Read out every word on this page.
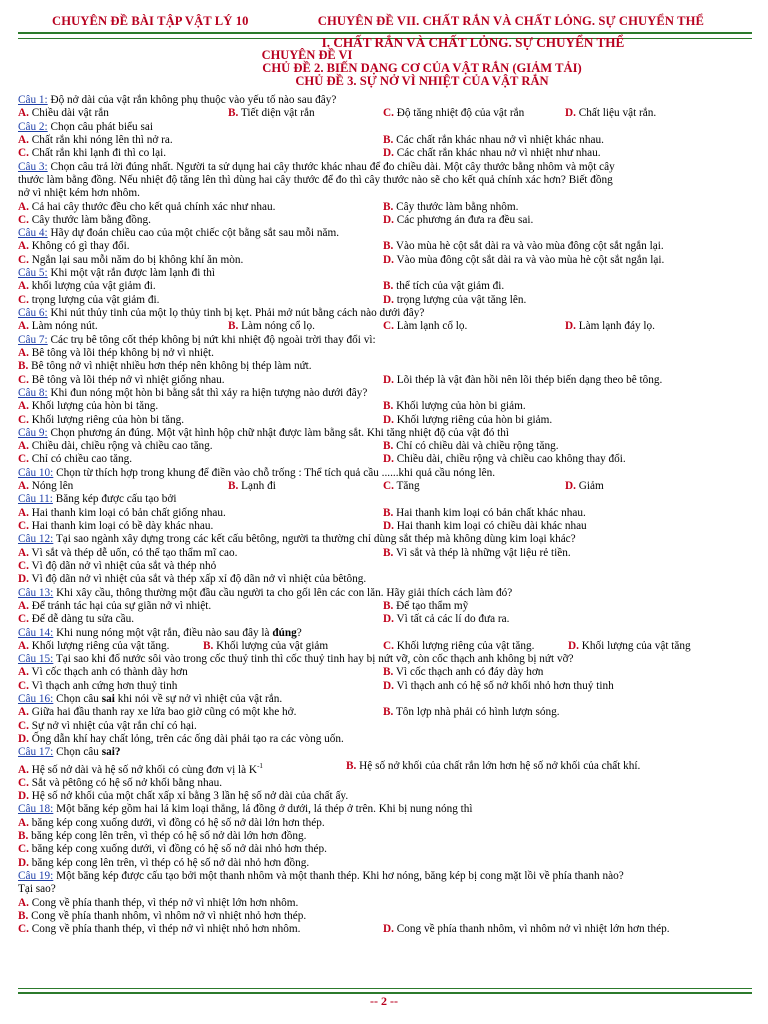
CHUYÊN ĐỀ BÀI TẬP VẬT LÝ 10	CHUYÊN ĐỀ VII. CHẤT RẮN VÀ CHẤT LỎNG. SỰ CHUYỂN THỂ
I. CHẤT RẮN VÀ CHẤT LỎNG. SỰ CHUYỂN THỂ
CHUYÊN ĐỀ VI
CHỦ ĐỀ 2. BIẾN DẠNG CƠ CỦA VẬT RẮN (GIẢM TẢI)
CHỦ ĐỀ 3. SỰ NỞ VÌ NHIỆT CỦA VẬT RẮN
Câu 1: Độ nở dài của vật rắn không phụ thuộc vào yếu tố nào sau đây?
A. Chiều dài vật rắn	B. Tiết diện vật rắn	C. Độ tăng nhiệt độ của vật rắn	D. Chất liệu vật rắn.
Câu 2: Chọn câu phát biểu sai
A. Chất rắn khi nóng lên thì nở ra.	B. Các chất rắn khác nhau nở vì nhiệt khác nhau.
C. Chất rắn khi lạnh đi thì co lại.	D. Các chất rắn khác nhau nở vì nhiệt như nhau.
Câu 3: Chọn câu trả lời đúng nhất. Người ta sử dụng hai cây thước khác nhau để đo chiều dài. Một cây thước bằng nhôm và một cây
thước làm bằng đồng. Nếu nhiệt độ tăng lên thì dùng hai cây thước để đo thì cây thước nào sẽ cho kết quả chính xác hơn? Biết đồng
nở vì nhiệt kém hơn nhôm.
A. Cả hai cây thước đều cho kết quả chính xác như nhau.	B. Cây thước làm bằng nhôm.
C. Cây thước làm bằng đồng.	D. Các phương án đưa ra đều sai.
Câu 4: Hãy dự đoán chiều cao của một chiếc cột bằng sắt sau mỗi năm.
A. Không có gì thay đổi.	B. Vào mùa hè cột sắt dài ra và vào mùa đông cột sắt ngắn lại.
C. Ngắn lại sau mỗi năm do bị không khí ăn mòn.	D. Vào mùa đông cột sắt dài ra và vào mùa hè cột sắt ngắn lại.
Câu 5: Khi một vật rắn được làm lạnh đi thì
A. khối lượng của vật giảm đi.	B. thể tích của vật giảm đi.
C. trọng lượng của vật giảm đi.	D. trọng lượng của vật tăng lên.
Câu 6: Khi nút thủy tinh của một lọ thủy tinh bị kẹt. Phải mở nút bằng cách nào dưới đây?
A. Làm nóng nút.	B. Làm nóng cổ lọ.	C. Làm lạnh cổ lọ.	D. Làm lạnh đáy lọ.
Câu 7: Các trụ bê tông cốt thép không bị nứt khi nhiệt độ ngoài trời thay đổi vì:
A. Bê tông và lõi thép không bị nở vì nhiệt.
B. Bê tông nở vì nhiệt nhiều hơn thép nên không bị thép làm nứt.
C. Bê tông và lõi thép nở vì nhiệt giống nhau.	D. Lõi thép là vật đàn hồi nên lõi thép biến dạng theo bê tông.
Câu 8: Khi đun nóng một hòn bi bằng sắt thì xảy ra hiện tượng nào dưới đây?
A. Khối lượng của hòn bi tăng.	B. Khối lượng của hòn bi giảm.
C. Khối lượng riêng của hòn bi tăng.	D. Khối lượng riêng của hòn bi giảm.
Câu 9: Chọn phương án đúng. Một vật hình hộp chữ nhật được làm bằng sắt. Khi tăng nhiệt độ của vật đó thì
A. Chiều dài, chiều rộng và chiều cao tăng.	B. Chỉ có chiều dài và chiều rộng tăng.
C. Chỉ có chiều cao tăng.	D. Chiều dài, chiều rộng và chiều cao không thay đổi.
Câu 10: Chọn từ thích hợp trong khung để điền vào chỗ trống : Thể tích quả cầu ......khi quả cầu nóng lên.
A. Nóng lên	B. Lạnh đi	C. Tăng	D. Giảm
Câu 11: Băng kép được cấu tạo bởi
A. Hai thanh kim loại có bản chất giống nhau.	B. Hai thanh kim loại có bản chất khác nhau.
C. Hai thanh kim loại có bề dày khác nhau.	D. Hai thanh kim loại có chiều dài khác nhau
Câu 12: Tại sao ngành xây dựng trong các kết cấu bêtông, người ta thường chỉ dùng sắt thép mà không dùng kim loại khác?
A. Vì sắt và thép dễ uốn, có thể tạo thẩm mĩ cao.	B. Vì sắt và thép là những vật liệu rẻ tiền.
C. Vì độ dãn nở vì nhiệt của sắt và thép nhỏ
D. Vì độ dãn nở vì nhiệt của sắt và thép xấp xỉ độ dãn nở vì nhiệt của bêtông.
Câu 13: Khi xây cầu, thông thường một đầu cầu người ta cho gối lên các con lăn. Hãy giải thích cách làm đó?
A. Để tránh tác hại của sự giãn nở vì nhiệt.	B. Để tạo thẩm mỹ
C. Để dễ dàng tu sửa cầu.	D. Vì tất cả các lí do đưa ra.
Câu 14: Khi nung nóng một vật rắn, điều nào sau đây là đúng?
A. Khối lượng riêng của vật tăng.	B. Khối lượng của vật giảm	C. Khối lượng riêng của vật tăng.	D. Khối lượng của vật tăng
Câu 15: Tại sao khi đổ nước sôi vào trong cốc thuỷ tinh thì cốc thuỷ tinh hay bị nứt vỡ, còn cốc thạch anh không bị nứt vỡ?
A. Vì cốc thạch anh có thành dày hơn	B. Vì cốc thạch anh có đáy dày hơn
C. Vì thạch anh cứng hơn thuỷ tinh	D. Vì thạch anh có hệ số nở khối nhỏ hơn thuỷ tinh
Câu 16: Chọn câu sai khi nói về sự nở vì nhiệt của vật rắn.
A. Giữa hai đầu thanh ray xe lửa bao giờ cũng có một khe hở.	B. Tôn lợp nhà phải có hình lượn sóng.
C. Sự nở vì nhiệt của vật rắn chỉ có hại.
D. Ống dẫn khí hay chất lỏng, trên các ống dài phải tạo ra các vòng uốn.
Câu 17: Chọn câu sai?
A. Hệ số nở dài và hệ số nở khối có cùng đơn vị là $K^{-1}$	B. Hệ số nở khối của chất rắn lớn hơn hệ số nở khối của chất khí.
C. Sắt và pêtông có hệ số nở khối bằng nhau.
D. Hệ số nở khối của một chất xấp xỉ bằng 3 lần hệ số nở dài của chất ấy.
Câu 18: Một băng kép gồm hai lá kim loại thẳng, lá đồng ở dưới, lá thép ở trên. Khi bị nung nóng thì
A. băng kép cong xuống dưới, vì đồng có hệ số nở dài lớn hơn thép.
B. băng kép cong lên trên, vì thép có hệ số nở dài lớn hơn đồng.
C. băng kép cong xuống dưới, vì đồng có hệ số nở dài nhỏ hơn thép.
D. băng kép cong lên trên, vì thép có hệ số nở dài nhỏ hơn đồng.
Câu 19: Một băng kép được cấu tạo bởi một thanh nhôm và một thanh thép. Khi hơ nóng, băng kép bị cong mặt lồi về phía thanh nào?
Tại sao?
A. Cong về phía thanh thép, vì thép nở vì nhiệt lớn hơn nhôm.
B. Cong về phía thanh nhôm, vì nhôm nở vì nhiệt nhỏ hơn thép.
C. Cong về phía thanh thép, vì thép nở vì nhiệt nhỏ hơn nhôm.	D. Cong về phía thanh nhôm, vì nhôm nở vì nhiệt lớn hơn thép.
-- 2 --
